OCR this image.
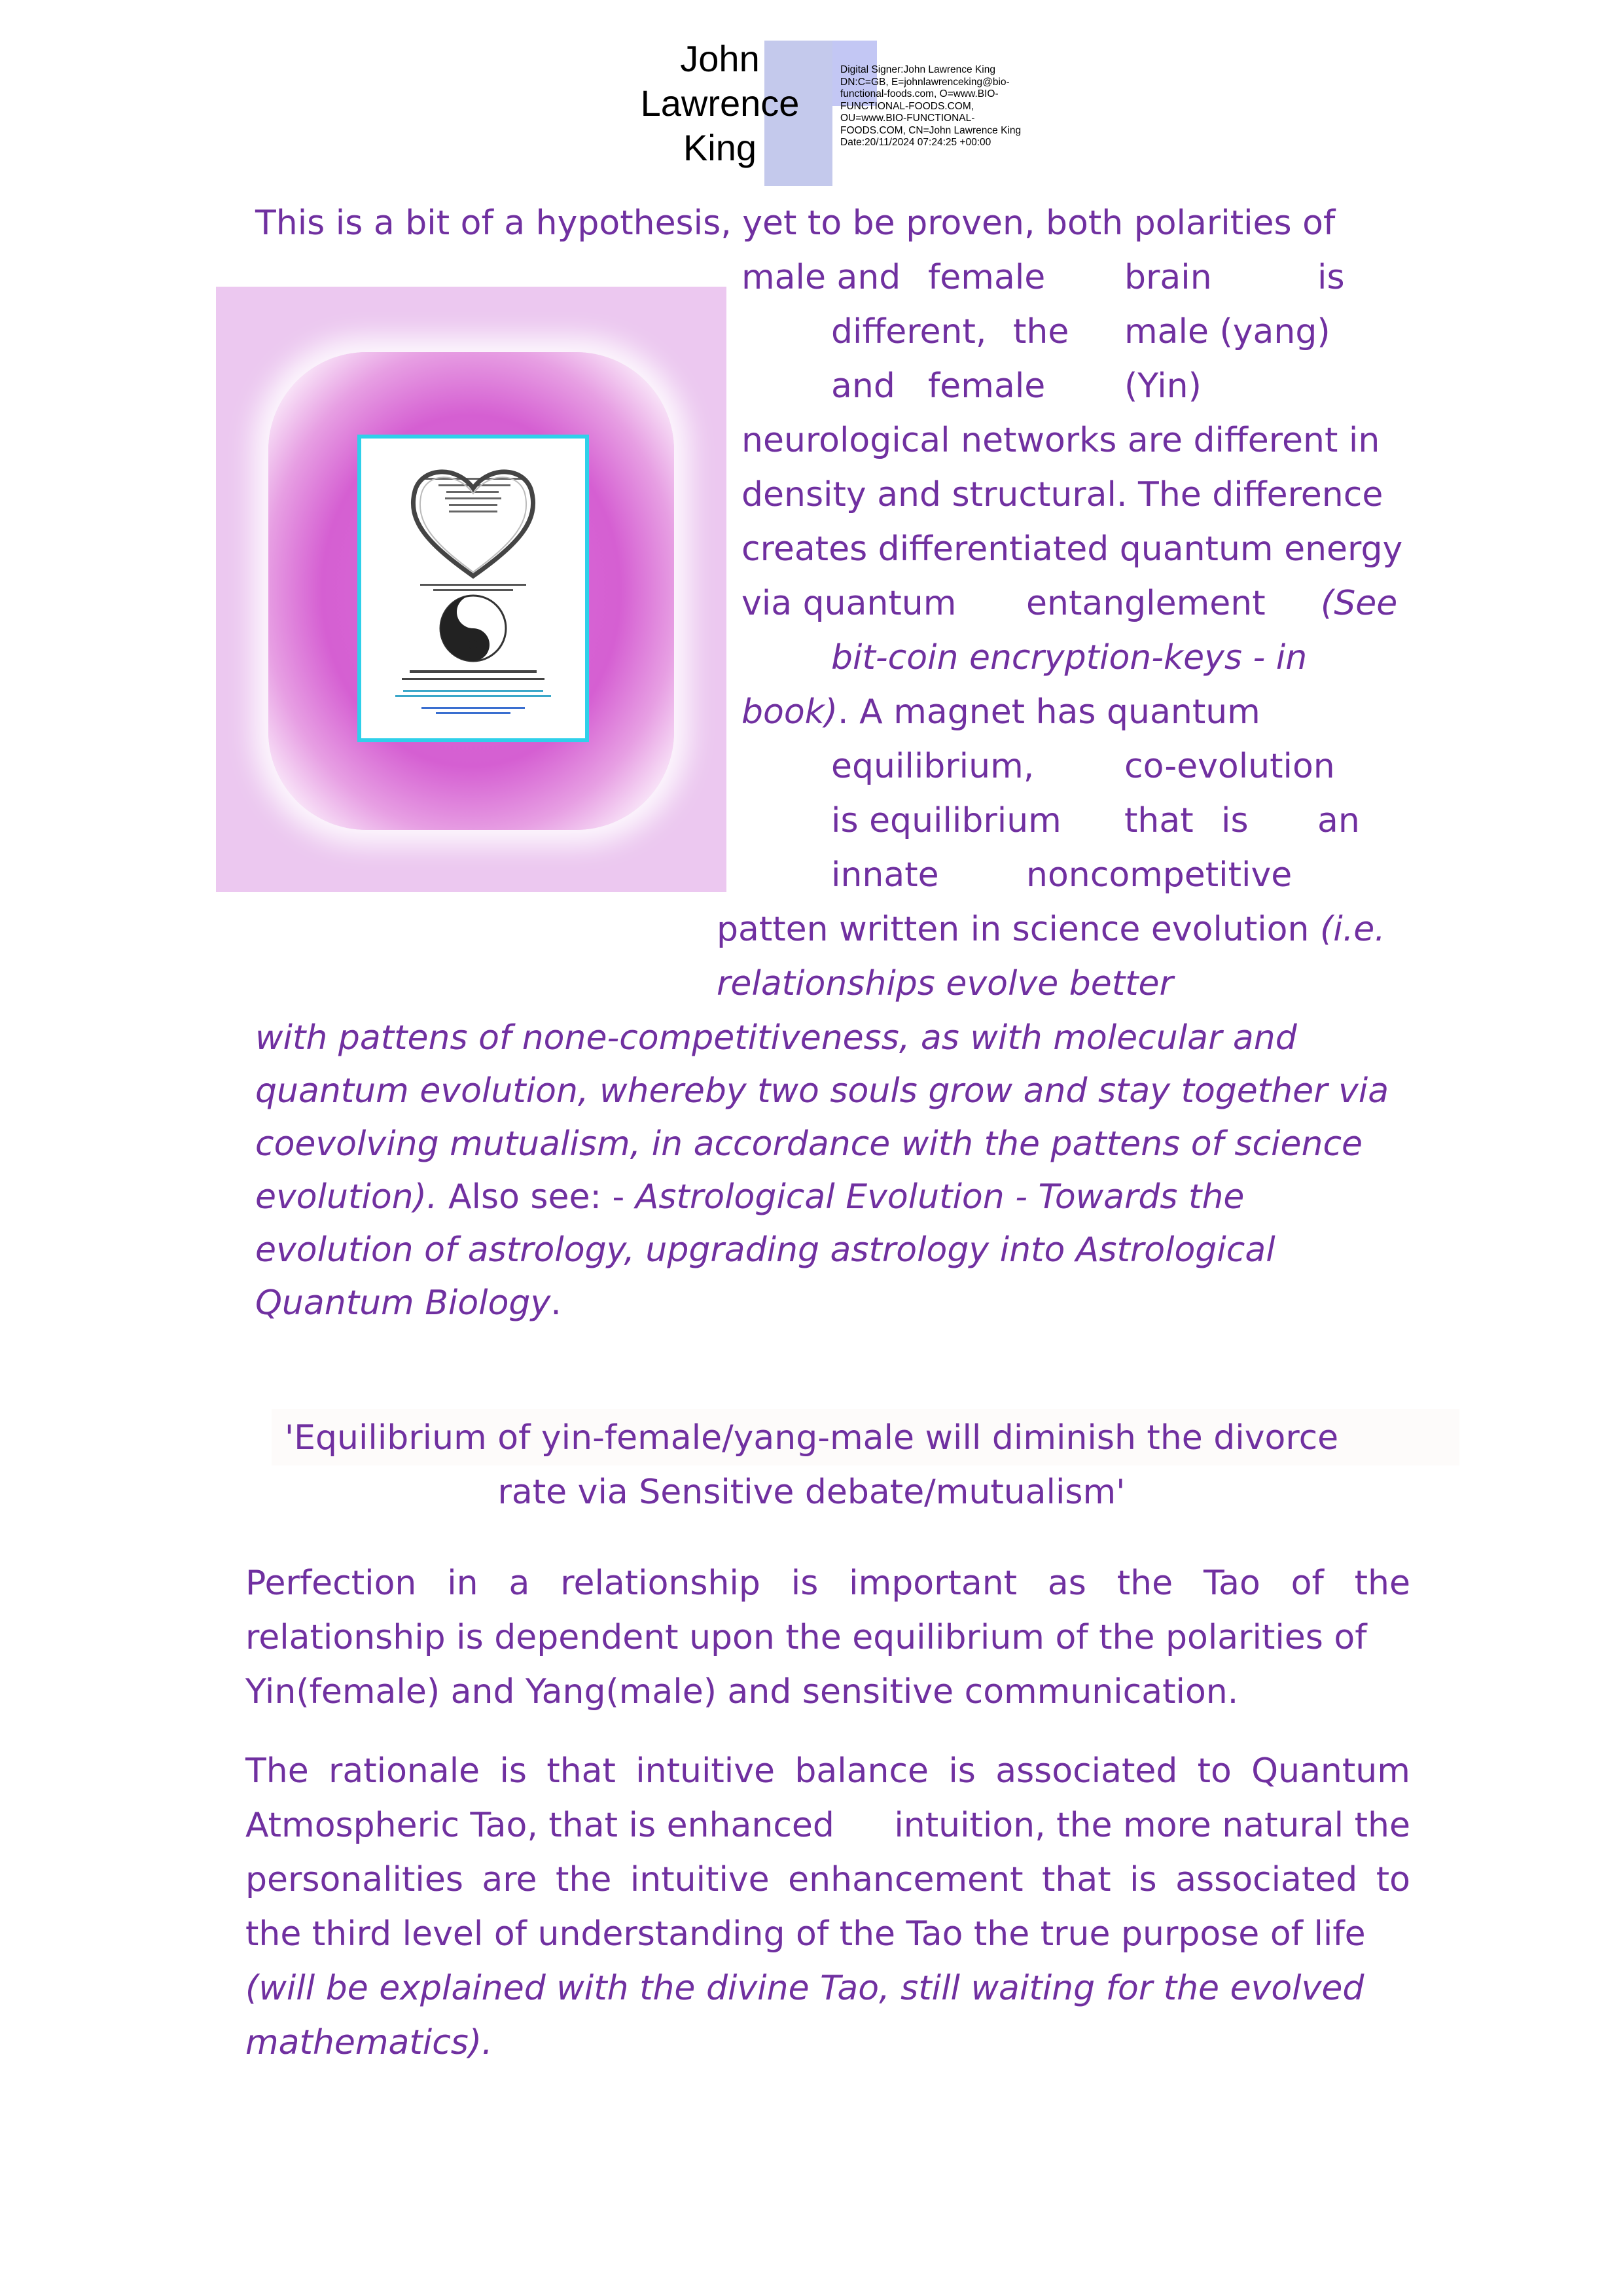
John
Lawrence
King
Digital Signer:John Lawrence King
DN:C=GB, E=johnlawrenceking@bio-
functional-foods.com, O=www.BIO-
FUNCTIONAL-FOODS.COM,
OU=www.BIO-FUNCTIONAL-
FOODS.COM, CN=John Lawrence King
Date:20/11/2024 07:24:25 +00:00
This is a bit of a hypothesis, yet to be proven, both polarities of
male and female brain	is
different, the male (yang)
and female (Yin)
neurological networks are different in
density and structural. The difference
creates differentiated quantum energy
via quantum entanglement (See
bit-coin encryption-keys - in
book). A magnet has quantum
equilibrium,	co-evolution
is equilibrium that is an
innate	noncompetitive
patten written in science evolution (i.e.
relationships evolve better
with pattens of none-competitiveness, as with molecular and
quantum evolution, whereby two souls grow and stay together via
coevolving mutualism, in accordance with the pattens of science
evolution). Also see: - Astrological Evolution - Towards the
evolution of astrology, upgrading astrology into Astrological
Quantum Biology.
'Equilibrium of yin-female/yang-male will diminish the divorce
rate via Sensitive debate/mutualism'
Perfection in a relationship is important as the Tao of the
relationship is dependent upon the equilibrium of the polarities of
Yin(female) and Yang(male) and sensitive communication.
The rationale is that intuitive balance is associated to Quantum
Atmospheric Tao, that is enhanced intuition, the more natural the
personalities are the intuitive enhancement that is associated to
the third level of understanding of the Tao the true purpose of life
(will be explained with the divine Tao, still waiting for the evolved
mathematics).
